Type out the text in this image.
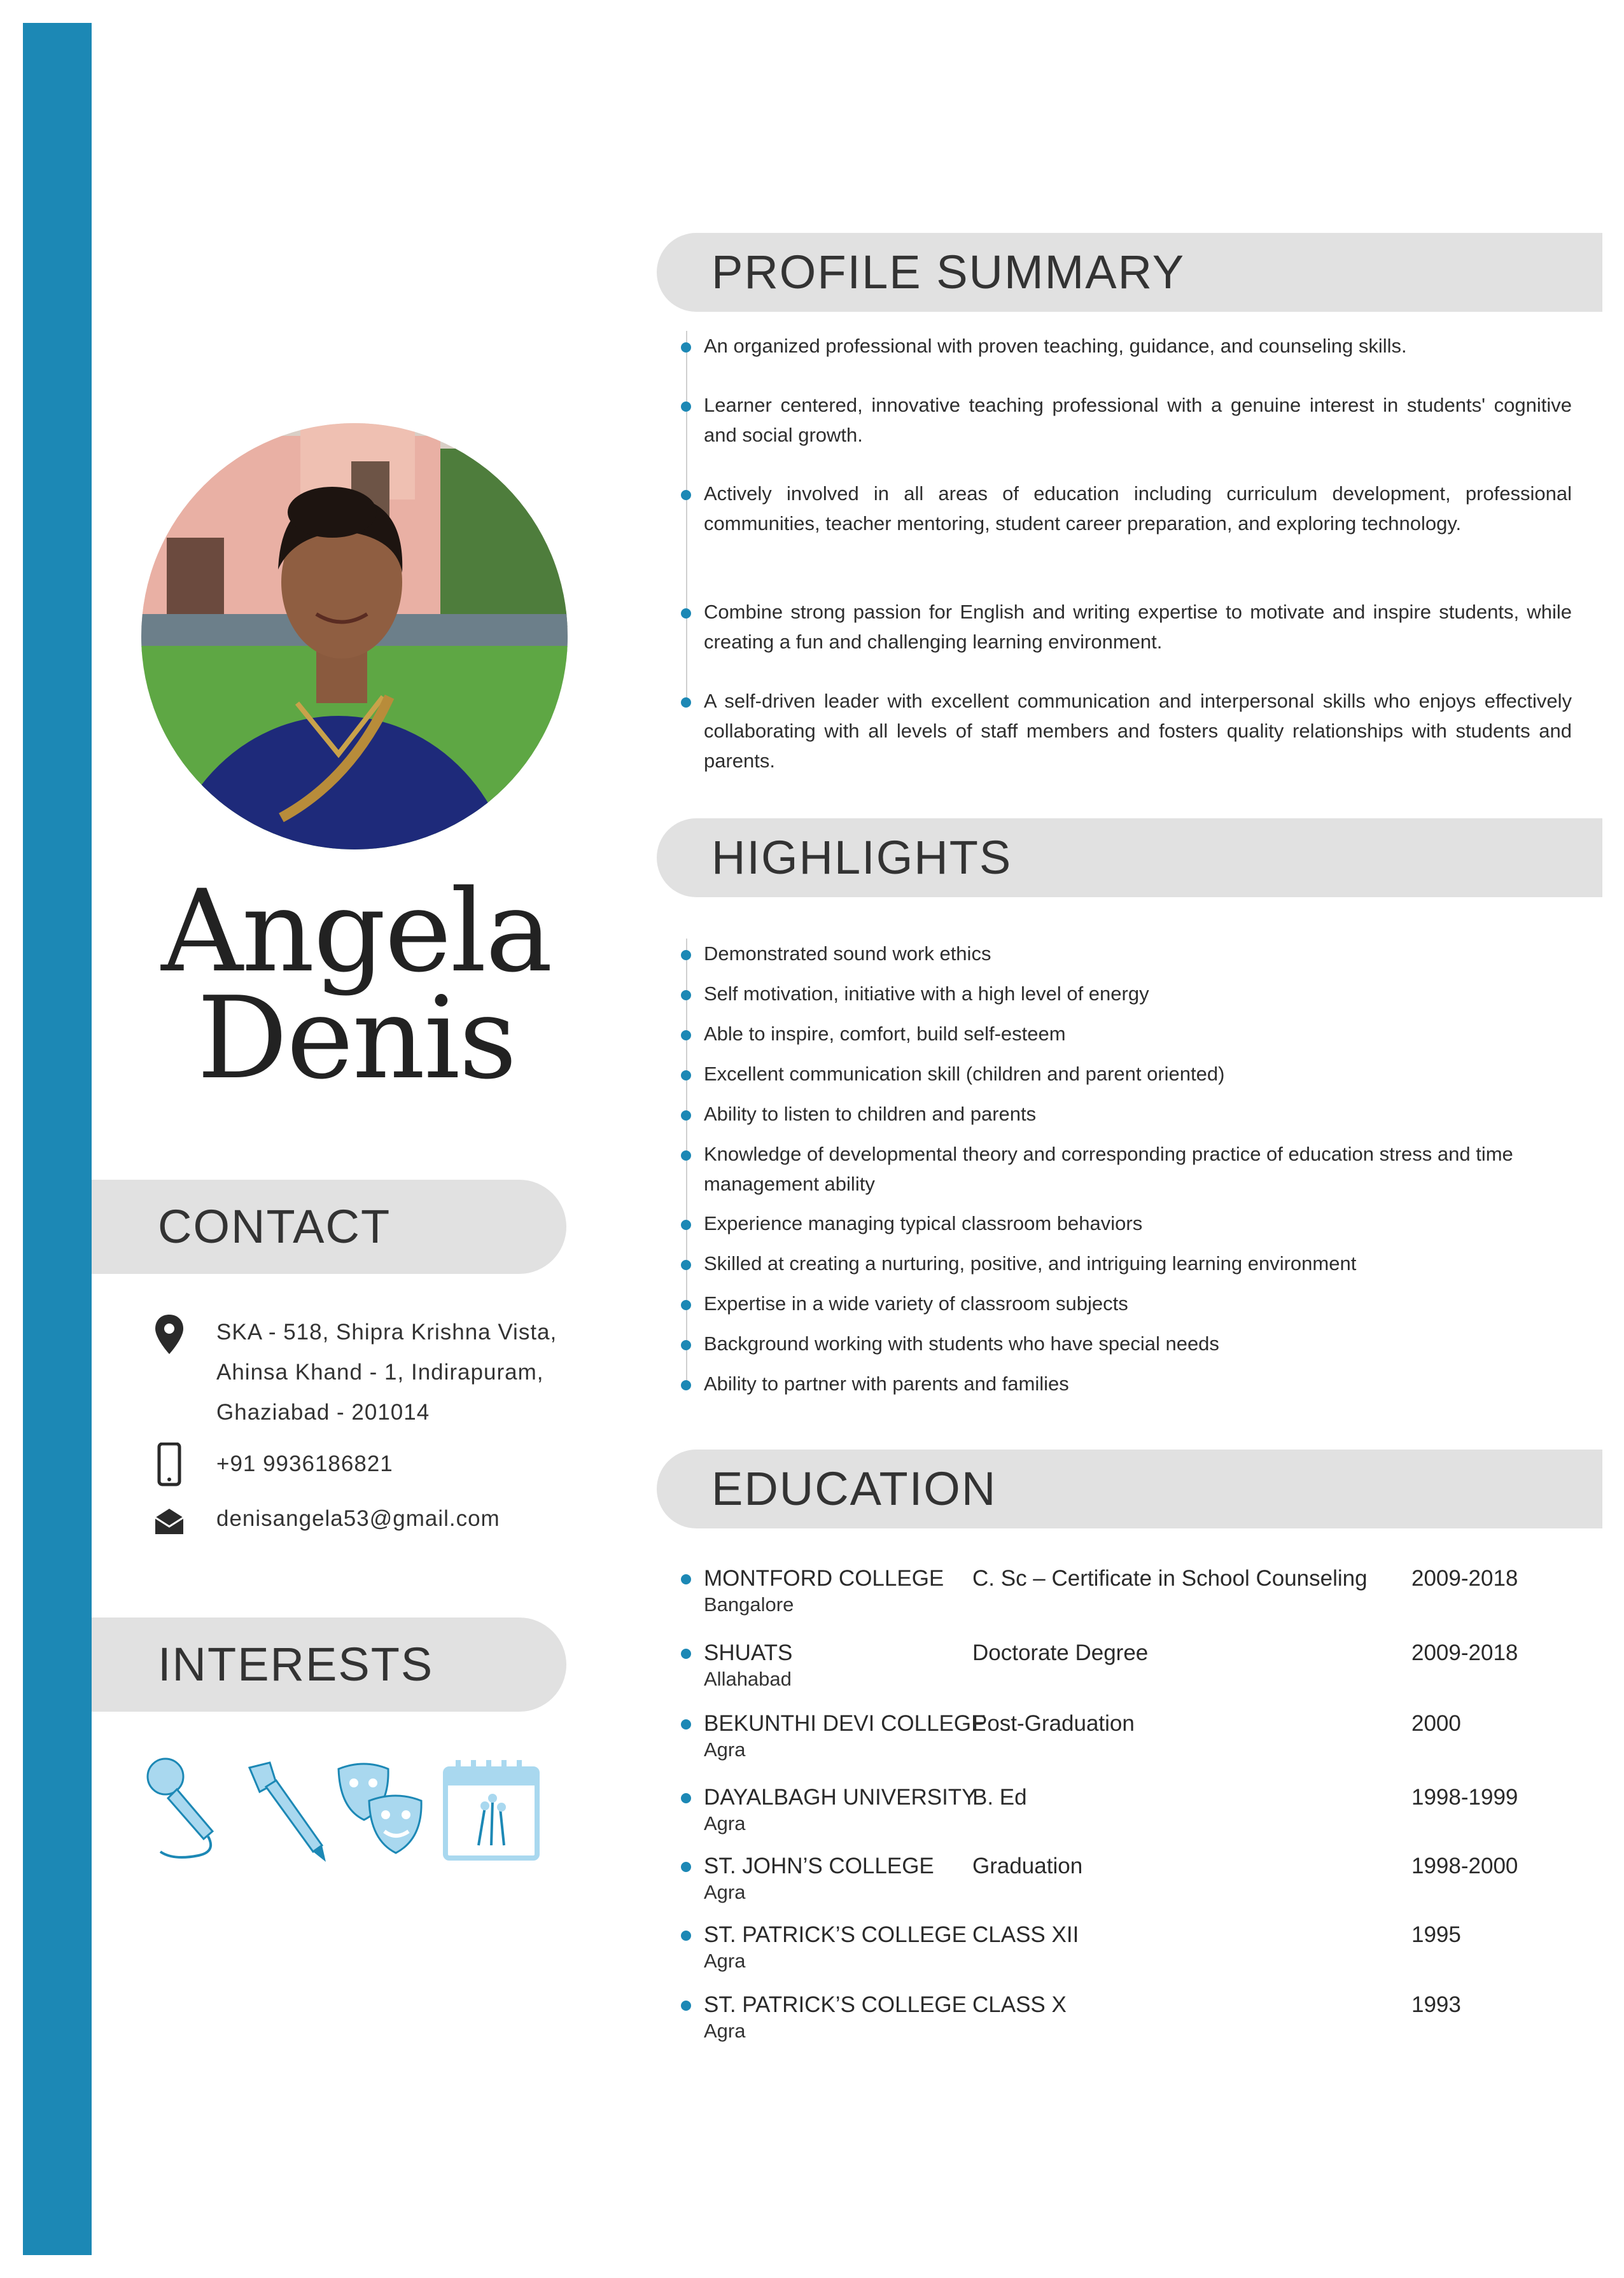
Angela
Denis
CONTACT
SKA - 518, Shipra Krishna Vista,
Ahinsa Khand - 1, Indirapuram,
Ghaziabad - 201014
+91 9936186821
denisangela53@gmail.com
INTERESTS
PROFILE SUMMARY
An organized professional with proven teaching, guidance, and counseling skills.
Learner centered, innovative teaching professional with a genuine interest in students' cognitive and social growth.
Actively involved in all areas of education including curriculum development, professional communities, teacher mentoring, student career preparation, and exploring technology.
Combine strong passion for English and writing expertise to motivate and inspire students, while creating a fun and challenging learning environment.
A self-driven leader with excellent communication and interpersonal skills who enjoys effectively collaborating with all levels of staff members and fosters quality relationships with students and parents.
HIGHLIGHTS
Demonstrated sound work ethics
Self motivation, initiative with a high level of energy
Able to inspire, comfort, build self-esteem
Excellent communication skill (children and parent oriented)
Ability to listen to children and parents
Knowledge of developmental theory and corresponding practice of education stress and time management ability
Experience managing typical classroom behaviors
Skilled at creating a nurturing, positive, and intriguing learning environment
Expertise in a wide variety of classroom subjects
Background working with students who have special needs
Ability to partner with parents and families
EDUCATION
MONTFORD COLLEGE
Bangalore
C. Sc – Certificate in School Counseling 2009-2018
SHUATS
Allahabad
Doctorate Degree	2009-2018
BEKUNTHI DEVI COLLEGE
Agra
Post-Graduation	2000
DAYALBAGH UNIVERSITY
Agra
B. Ed	1998-1999
ST. JOHN’S COLLEGE
Agra
Graduation	1998-2000
ST. PATRICK’S COLLEGE
Agra
CLASS XII	1995
ST. PATRICK’S COLLEGE
Agra
CLASS X	1993
